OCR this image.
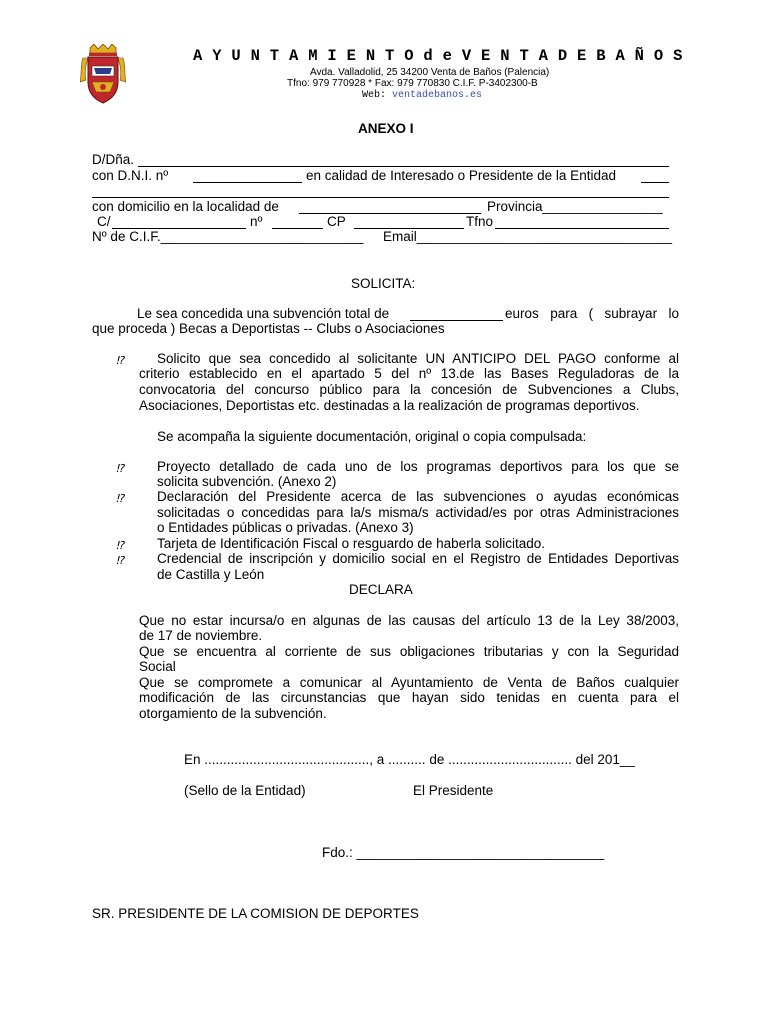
A Y U N T A M I E N T O d e V E N T A D E B A Ñ O S
Avda. Valladolid, 25 34200 Venta de Baños (Palencia)
Tfno: 979 770928 * Fax: 979 770830 C.I.F. P-3402300-B
Web: ventadebanos.es
ANEXO I
D/Dña.
con D.N.I. nº	en calidad de Interesado o Presidente de la Entidad
con domicilio en la localidad de	Provincia________________
C/	nº	CP	Tfno
Nº de C.I.F.___________________________ Email__________________________________
SOLICITA:
Le sea concedida una subvención total de	euros para ( subrayar lo
que proceda ) Becas a Deportistas -- Clubs o Asociaciones
⁉ Solicito que sea concedido al solicitante UN ANTICIPO DEL PAGO conforme al
criterio establecido en el apartado 5 del nº 13.de las Bases Reguladoras de la
convocatoria del concurso público para la concesión de Subvenciones a Clubs,
Asociaciones, Deportistas etc. destinadas a la realización de programas deportivos.
Se acompaña la siguiente documentación, original o copia compulsada:
⁉ Proyecto detallado de cada uno de los programas deportivos para los que se
solicita subvención. (Anexo 2)
⁉ Declaración del Presidente acerca de las subvenciones o ayudas económicas
solicitadas o concedidas para la/s misma/s actividad/es por otras Administraciones
o Entidades públicas o privadas. (Anexo 3)
⁉ Tarjeta de Identificación Fiscal o resguardo de haberla solicitado.
⁉ Credencial de inscripción y domicilio social en el Registro de Entidades Deportivas
de Castilla y León
DECLARA
Que no estar incursa/o en algunas de las causas del artículo 13 de la Ley 38/2003,
de 17 de noviembre.
Que se encuentra al corriente de sus obligaciones tributarias y con la Seguridad
Social
Que se compromete a comunicar al Ayuntamiento de Venta de Baños cualquier
modificación de las circunstancias que hayan sido tenidas en cuenta para el
otorgamiento de la subvención.
En ............................................, a .......... de ................................. del 201__
(Sello de la Entidad)	El Presidente
Fdo.: _________________________________
SR. PRESIDENTE DE LA COMISION DE DEPORTES
